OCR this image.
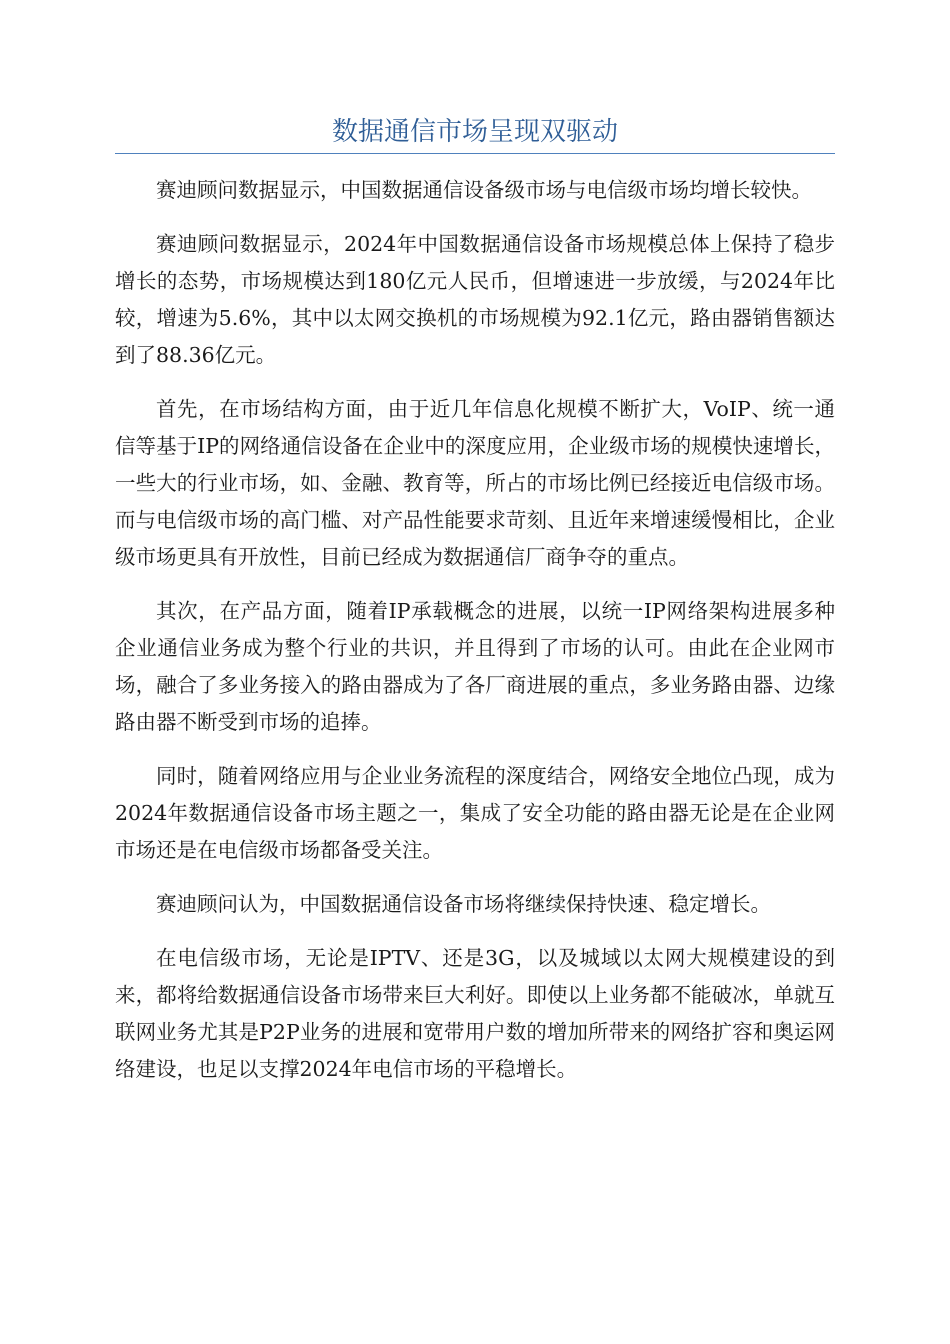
数据通信市场呈现双驱动

赛迪顾问数据显示，中国数据通信设备级市场与电信级市场均增长较快。

赛迪顾问数据显示，2024年中国数据通信设备市场规模总体上保持了稳步增长的态势，市场规模达到180亿元人民币，但增速进一步放缓，与2024年比较，增速为5.6%，其中以太网交换机的市场规模为92.1亿元，路由器销售额达到了88.36亿元。

首先，在市场结构方面，由于近几年信息化规模不断扩大，VoIP、统一通信等基于IP的网络通信设备在企业中的深度应用，企业级市场的规模快速增长，一些大的行业市场，如、金融、教育等，所占的市场比例已经接近电信级市场。而与电信级市场的高门槛、对产品性能要求苛刻、且近年来增速缓慢相比，企业级市场更具有开放性，目前已经成为数据通信厂商争夺的重点。

其次，在产品方面，随着IP承载概念的进展，以统一IP网络架构进展多种企业通信业务成为整个行业的共识，并且得到了市场的认可。由此在企业网市场，融合了多业务接入的路由器成为了各厂商进展的重点，多业务路由器、边缘路由器不断受到市场的追捧。

同时，随着网络应用与企业业务流程的深度结合，网络安全地位凸现，成为2024年数据通信设备市场主题之一，集成了安全功能的路由器无论是在企业网市场还是在电信级市场都备受关注。

赛迪顾问认为，中国数据通信设备市场将继续保持快速、稳定增长。

在电信级市场，无论是IPTV、还是3G，以及城域以太网大规模建设的到来，都将给数据通信设备市场带来巨大利好。即使以上业务都不能破冰，单就互联网业务尤其是P2P业务的进展和宽带用户数的增加所带来的网络扩容和奥运网络建设，也足以支撑2024年电信市场的平稳增长。
